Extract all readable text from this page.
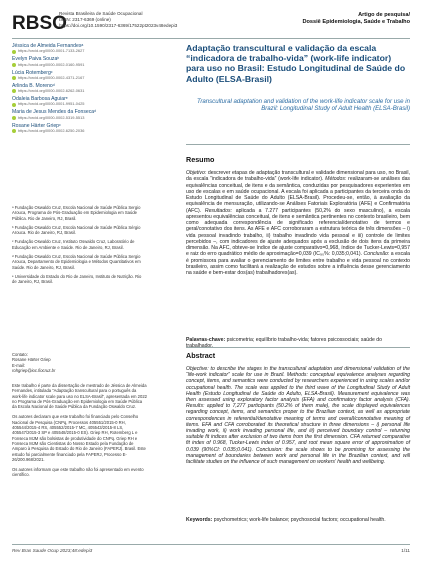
RBSO
Revista Brasileira de Saúde Ocupacional
ISSN: 2317-6369 (online)
https://doi.org/10.1590/2317-6369/17522pt2023v48edepi3
Artigo de pesquisa/
Dossiê Epidemiologia, Saúde e Trabalho
Jéssica de Almeida Fernandesᵃ
https://orcid.org/0000-0001-7133-2627
Evelyn Paiva Souzaᵇ
https://orcid.org/0000-0002-0160-9591
Lúcia Rotembergᶜ
https://orcid.org/0000-0002-4371-2167
Arlinda B. Morenoᵈ
https://orcid.org/0000-0002-6262-0631
Odaleia Barbosa Aguiarᵉ
https://orcid.org/0000-0001-9951-0425
Maria de Jesus Mendes da Fonsecaᵈ
https://orcid.org/0000-0002-5319-5513
Rosane Härter Griepᶜ
https://orcid.org/0000-0002-6250-2036
ᵃ Fundação Oswaldo Cruz, Escola Nacional de Saúde Pública Sergio Arouca, Programa de Pós-Graduação em Epidemiologia em Saúde Pública. Rio de Janeiro, RJ, Brasil.
ᵇ Fundação Oswaldo Cruz, Escola Nacional de Saúde Pública Sérgio Arouca. Rio de Janeiro, RJ, Brasil.
ᶜ Fundação Oswaldo Cruz, Instituto Oswaldo Cruz, Laboratório de Educação em Ambiente e Saúde. Rio de Janeiro, RJ, Brasil.
ᵈ Fundação Oswaldo Cruz, Escola Nacional de Saúde Pública Sergio Arouca, Departamento de Epidemiologia e Métodos Quantitativos em Saúde. Rio de Janeiro, RJ, Brasil.
ᵉ Universidade do Estado do Rio de Janeiro, Instituto de Nutrição. Rio de Janeiro, RJ, Brasil.
Contato:
Rosane Härter Griep
E-mail:
rohgriep@ioc.fiocruz.br
Este trabalho é parte da dissertação de mestrado de Jéssica de Almeida Fernandes, intitulada “Adaptação transcultural para o português da work-life indicator scale para uso no ELSA-Brasil”, apresentada em 2022 no Programa de Pós-Graduação em Epidemiologia em Saúde Pública da Escola Nacional de Saúde Pública da Fundação Oswaldo Cruz.
Os autores declaram que este trabalho foi financiado pelo Conselho Nacional de Pesquisa (CNPq, Processos 405551/2015-0 RH, 405544/2015-4 RS, 405552/2015-7 MC, 405543/2015-8 LS, 405547/2015-3 SP e 405548/2015-0 ES). Griep RH, Rotemberg L e Fonseca MJM são bolsistas de produtividade do CNPq. Griep RH e Fonseca MJM são Cientistas do Nosso Estado pela Fundação de Amparo à Pesquisa do Estado do Rio de Janeiro (FAPERJ). Brasil. Este estudo foi parcialmente financiado pela FAPERJ, Processo E-26/200.968/2021.
Os autores informam que este trabalho não foi apresentado em evento científico.
Adaptação transcultural e validação da escala “indicadora de trabalho-vida” (work-life indicator) para uso no Brasil: Estudo Longitudinal de Saúde do Adulto (ELSA-Brasil)
Transcultural adaptation and validation of the work-life indicator scale for use in Brazil: Longitudinal Study of Adult Health (ELSA-Brasil)
Resumo
Objetivo: descrever etapas de adaptação transcultural e validade dimensional para uso, no Brasil, da escala “indicadora de trabalho-vida” (work-life indicator). Métodos: realizaram-se análises das equivalências conceitual, de itens e da semântica, conduzidas por pesquisadores experientes em uso de escalas e em saúde ocupacional. A escala foi aplicada a participantes da terceira onda do Estudo Longitudinal de Saúde do Adulto (ELSA-Brasil). Procedeu-se, então, à avaliação da equivalência de mensuração, utilizando-se Análises Fatoriais Exploratória (AFE) e Confirmatória (AFC). Resultados: aplicada a 7.277 participantes (50,2% do sexo masculino), a escala apresentou equivalências conceitual, de itens e semântica pertinentes no contexto brasileiro, bem como adequada correspondência de significado referencial/denotativo de termos e geral/conotativo dos itens. As AFE e AFC corroboraram a estrutura teórica de três dimensões – i) vida pessoal invadindo trabalho, ii) trabalho invadindo vida pessoal e iii) controle de limites percebidos –, com indicadores de ajuste adequados após a exclusão de dois itens da primeira dimensão. Na AFC, obteve-se índice de ajuste comparativo=0,968, índice de Tucker-Lewis=0,957 e raiz do erro quadrático médio de aproximação=0,039 (IC₉₀%: 0,035;0,041). Conclusão: a escala é promissora para avaliar o gerenciamento de limites entre trabalho e vida pessoal no contexto brasileiro, assim como facilitará a realização de estudos sobre a influência desse gerenciamento na saúde e bem-estar dos(as) trabalhadores(as).
Palavras-chave: psicometria; equilíbrio trabalho-vida; fatores psicossociais; saúde do trabalhador.
Abstract
Objective: to describe the stages in the transcultural adaptation and dimensional validation of the “life-work indicator” scale for use in Brazil. Methods: conceptual equivalence analyses regarding concept, items, and semantics were conducted by researchers experienced in using scales and/or occupational health. The scale was applied to the third wave of the Longitudinal Study of Adult Health (Estudo Longitudinal de Saúde do Adulto, ELSA-Brasil). Measurement equivalence was then assessed using exploratory factor analysis (EFA) and confirmatory factor analysis (CFA). Results: applied to 7,277 participants (50.2% of them male), the scale displayed equivalences regarding concept, items, and semantics proper to the Brazilian context, as well as appropriate correspondences in referential/denotative meaning of terms and overall/connotative meaning of items. EFA and CFA corroborated its theoretical structure in three dimensions – i) personal life invading work, ii) work invading personal life, and iii) perceived boundary control – returning suitable fit indices after exclusion of two items from the first dimension. CFA returned comparative fit index of 0.968, Tucker-Lewis index of 0.957, and root mean square error of approximation of 0.039 (90%CI: 0.035;0.041). Conclusion: the scale shows to be promising for assessing the management of boundaries between work and personal life in the Brazilian context, and will facilitate studies on the influence of such management on workers’ health and wellbeing.
Keywords: psychometrics; work-life balance; psychosocial factors; occupational health.
Rev Bras Saude Ocup 2023;48:edepi3	1/11
